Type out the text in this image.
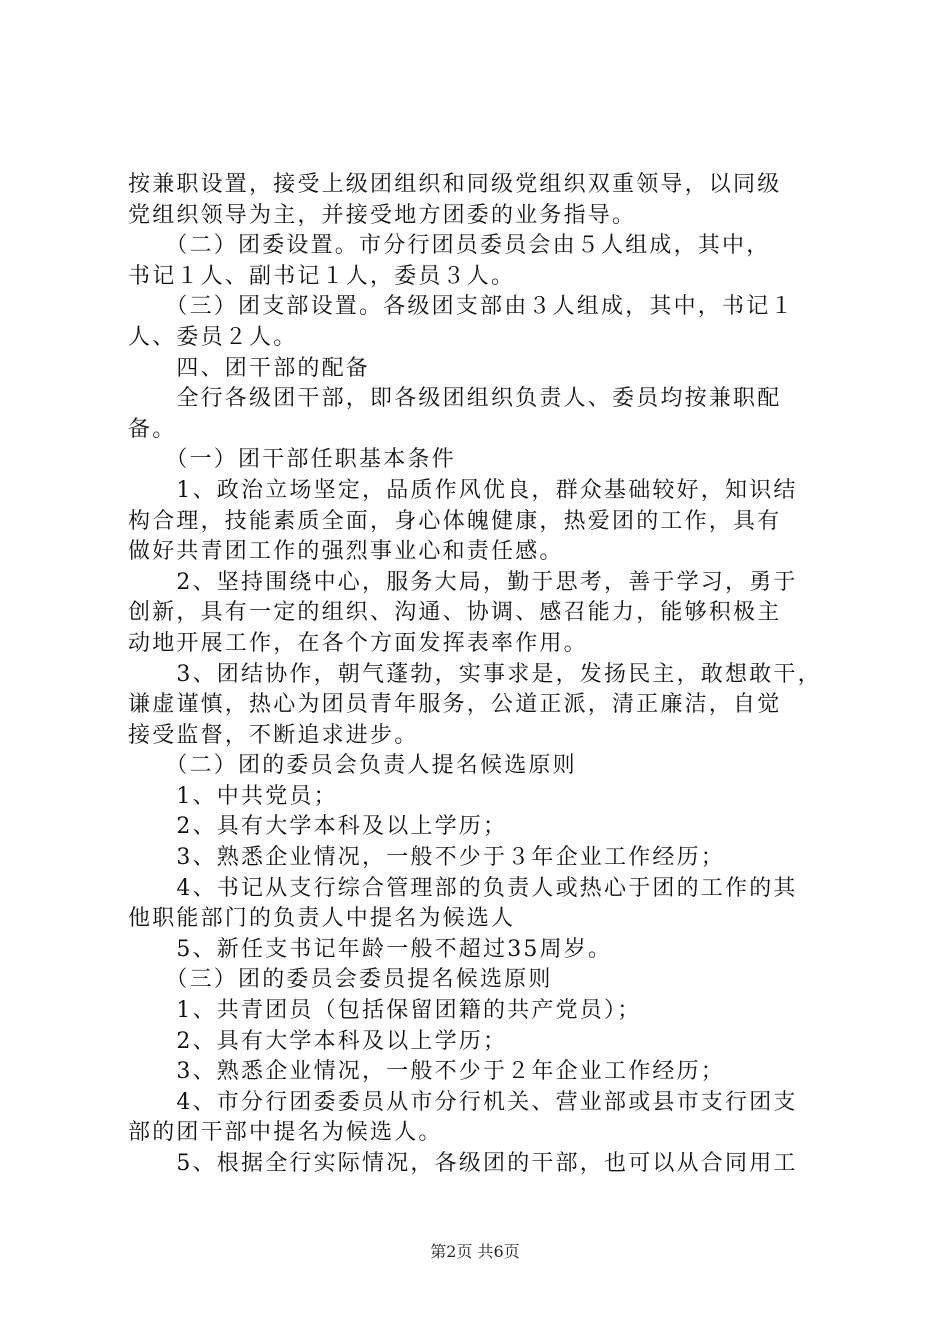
按兼职设置，接受上级团组织和同级党组织双重领导，以同级
党组织领导为主，并接受地方团委的业务指导。
　　（二）团委设置。市分行团员委员会由５人组成，其中，
书记１人、副书记１人，委员３人。
　　（三）团支部设置。各级团支部由３人组成，其中，书记１
人、委员２人。
　　四、团干部的配备
　　全行各级团干部，即各级团组织负责人、委员均按兼职配
备。
　　（一）团干部任职基本条件
　　1、政治立场坚定，品质作风优良，群众基础较好，知识结
构合理，技能素质全面，身心体魄健康，热爱团的工作，具有
做好共青团工作的强烈事业心和责任感。
　　2、坚持围绕中心，服务大局，勤于思考，善于学习，勇于
创新，具有一定的组织、沟通、协调、感召能力，能够积极主
动地开展工作，在各个方面发挥表率作用。
　　3、团结协作，朝气蓬勃，实事求是，发扬民主，敢想敢干，
谦虚谨慎，热心为团员青年服务，公道正派，清正廉洁，自觉
接受监督，不断追求进步。
　　（二）团的委员会负责人提名候选原则
　　1、中共党员；
　　2、具有大学本科及以上学历；
　　3、熟悉企业情况，一般不少于３年企业工作经历；
　　4、书记从支行综合管理部的负责人或热心于团的工作的其
他职能部门的负责人中提名为候选人
　　5、新任支书记年龄一般不超过35周岁。
　　（三）团的委员会委员提名候选原则
　　1、共青团员（包括保留团籍的共产党员）；
　　2、具有大学本科及以上学历；
　　3、熟悉企业情况，一般不少于２年企业工作经历；
　　4、市分行团委委员从市分行机关、营业部或县市支行团支
部的团干部中提名为候选人。
　　5、根据全行实际情况，各级团的干部，也可以从合同用工
第2页 共6页
